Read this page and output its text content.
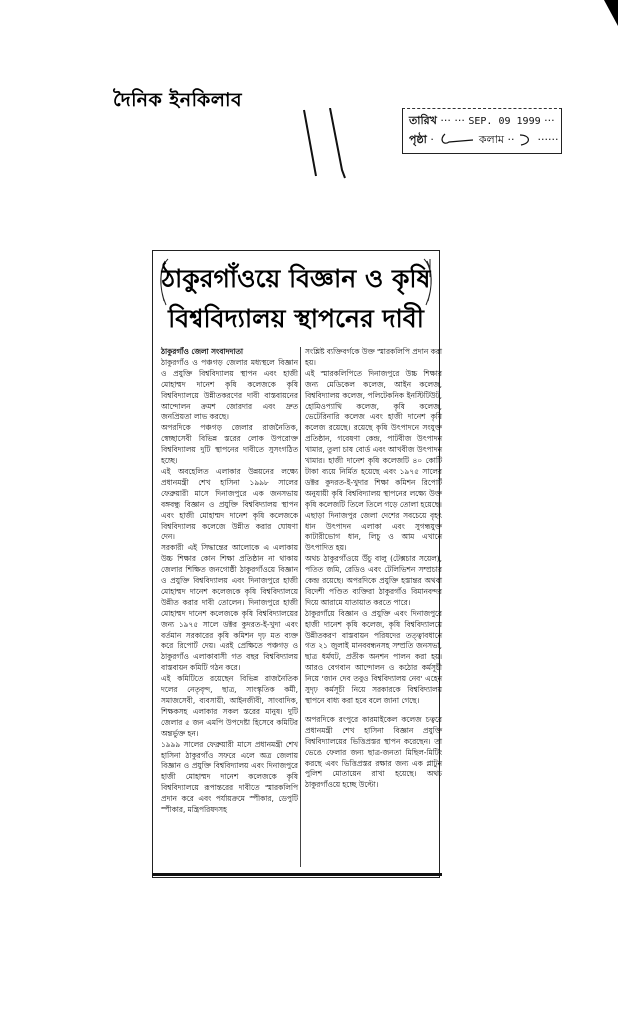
দৈনিক ইনকিলাব
তারিখ ··· ··· SEP. 09 1999 ···
পৃষ্ঠা ·	কলাম ··  ······
ঠাকুরগাঁওয়ে বিজ্ঞান ও কৃষি
বিশ্ববিদ্যালয় স্থাপনের দাবী

ঠাকুরগাঁও জেলা সংবাদদাতা

ঠাকুরগাঁও ও পঞ্চগড় জেলার মধ্যস্থলে বিজ্ঞান ও প্রযুক্তি বিশ্ববিদ্যালয় স্থাপন এবং হাজী মোহাম্মদ দানেশ কৃষি কলেজকে কৃষি বিশ্ববিদ্যালয়ে উন্নীতকরণের দাবী বাস্তবায়নের আন্দোলন ক্রমশ জোরদার এবং দ্রুত জনপ্রিয়তা লাভ করছে।

অপরদিকে পঞ্চগড় জেলার রাজনৈতিক, স্বেচ্ছাসেবী বিভিন্ন স্তরের লোক উপরোক্ত বিশ্ববিদ্যালয় দুটি স্থাপনের দাবীতে সুসংগঠিত হচ্ছে।

এই অবহেলিত এলাকার উন্নয়নের লক্ষ্যে প্রধানমন্ত্রী শেখ হাসিনা ১৯৯৮ সালের ফেব্রুয়ারী মাসে দিনাজপুরে এক জনসভায় বঙ্গবন্ধু বিজ্ঞান ও প্রযুক্তি বিশ্ববিদ্যালয় স্থাপন এবং হাজী মোহাম্মদ দানেশ কৃষি কলেজকে বিশ্ববিদ্যালয় কলেজে উন্নীত করার ঘোষণা দেন।

সরকারী এই সিদ্ধান্তের আলোকে এ এলাকায় উচ্চ শিক্ষার কোন শিক্ষা প্রতিষ্ঠান না থাকায় জেলার শিক্ষিত জনগোষ্ঠী ঠাকুরগাঁওয়ে বিজ্ঞান ও প্রযুক্তি বিশ্ববিদ্যালয় এবং দিনাজপুরে হাজী মোহাম্মদ দানেশ কলেজকে কৃষি বিশ্ববিদ্যালয়ে উন্নীত করার দাবী তোলেন। দিনাজপুরে হাজী মোহাম্মদ দানেশ কলেজকে কৃষি বিশ্ববিদ্যালয়ের জন্য ১৯৭৫ সালে ডক্টর কুদরত-ই-খুদা এবং বর্তমান সরকারের কৃষি কমিশন দৃঢ় মত ব্যক্ত করে রিপোর্ট দেয়। এরই প্রেক্ষিতে পঞ্চগড় ও ঠাকুরগাঁও এলাকাবাসী গত বছর বিশ্ববিদ্যালয় বাস্তবায়ন কমিটি গঠন করে।

এই কমিটিতে রয়েছেন বিভিন্ন রাজনৈতিক দলের নেতৃবৃন্দ, ছাত্র, সাংস্কৃতিক কর্মী, সমাজসেবী, ব্যবসায়ী, আইনজীবী, সাংবাদিক, শিক্ষকসহ এলাকার সকল স্তরের মানুষ। দুটি জেলার ৫ জন এমপি উপদেষ্টা হিসেবে কমিটির অন্তর্ভুক্ত হন।

১৯৯৯ সালের ফেব্রুয়ারী মাসে প্রধানমন্ত্রী শেখ হাসিনা ঠাকুরগাঁও সফরে এলে অত্র জেলায় বিজ্ঞান ও প্রযুক্তি বিশ্ববিদ্যালয় এবং দিনাজপুরে হাজী মোহাম্মদ দানেশ কলেজকে কৃষি বিশ্ববিদ্যালয়ে রূপান্তরের দাবীতে স্মারকলিপি প্রদান করে এবং পর্যায়ক্রমে স্পীকার, ডেপুটি স্পীকার, মন্ত্রিপরিষদসহ

সংশ্লিষ্ট ব্যক্তিবর্গকে উক্ত স্মারকলিপি প্রদান করা হয়।

এই স্মারকলিপিতে দিনাজপুরে উচ্চ শিক্ষার জন্য মেডিকেল কলেজ, আইন কলেজ, বিশ্ববিদ্যালয় কলেজ, পলিটেকনিক ইনস্টিটিউট, হোমিওপ্যাথি কলেজ, কৃষি কলেজ, ভেটেরিনারি কলেজ এবং হাজী দানেশ কৃষি কলেজ রয়েছে। রয়েছে কৃষি উৎপাদনে সংযুক্ত প্রতিষ্ঠান, গবেষণা কেন্দ্র, পাটবীজ উৎপাদন খামার, তুলা চাষ বোর্ড এবং আখবীজ উৎপাদন খামার। হাজী দানেশ কৃষি কলেজটি ৪০ কোটি টাকা ব্যয়ে নির্মিত হয়েছে এবং ১৯৭৫ সালের ডক্টর কুদরত-ই-খুদার শিক্ষা কমিশন রিপোর্ট অনুযায়ী কৃষি বিশ্ববিদ্যালয় স্থাপনের লক্ষ্যে উক্ত কৃষি কলেজটি তিলে তিলে গড়ে তোলা হয়েছে।

এছাড়া দিনাজপুর জেলা দেশের সবচেয়ে বৃহৎ ধান উৎপাদন এলাকা এবং সুগন্ধযুক্ত কাটারীভোগ ধান, লিচু ও আম এখানে উৎপাদিত হয়।

অথচ ঠাকুরগাঁওয়ে উঁচু বালু (টেক্সচার সয়েল), পতিত জমি, রেডিও এবং টেলিভিশন সম্প্রচার কেন্দ্র রয়েছে। অপরদিকে প্রযুক্তি হস্তান্তর অথবা বিদেশী পণ্ডিত ব্যক্তিরা ঠাকুরগাঁও বিমানবন্দর দিয়ে আরামে যাতায়াত করতে পারে।

ঠাকুরগাঁয়ে বিজ্ঞান ও প্রযুক্তি এবং দিনাজপুরে হাজী দানেশ কৃষি কলেজ, কৃষি বিশ্ববিদ্যালয়ে উন্নীতকরণ বাস্তবায়ন পরিষদের তত্ত্বাবধানে গত ২১ জুলাই মানববন্ধনসহ সম্প্রতি জনসভা, ছাত্র ধর্মঘট, প্রতীক অনশন পালন করা হয়। আরও বেগবান আন্দোলন ও কঠোর কর্মসূচী নিয়ে 'জান দেব তবুও বিশ্ববিদ্যালয় নেব' এহেন সুদৃঢ় কর্মসূচী নিয়ে সরকারকে বিশ্ববিদ্যালয় স্থাপনে বাধ্য করা হবে বলে জানা গেছে।

অপরদিকে রংপুরে কারমাইকেল কলেজ চত্বরে প্রধানমন্ত্রী শেখ হাসিনা বিজ্ঞান প্রযুক্তি বিশ্ববিদ্যালয়ের ভিত্তিপ্রস্তর স্থাপন করেছেন। তা ভেঙে ফেলার জন্য ছাত্র-জনতা মিছিল-মিটিং করছে এবং ভিত্তিপ্রস্তর রক্ষার জন্য এক প্লাটুন পুলিশ মোতায়েন রাখা হয়েছে। অথচ ঠাকুরগাঁওয়ে হচ্ছে উল্টো।
